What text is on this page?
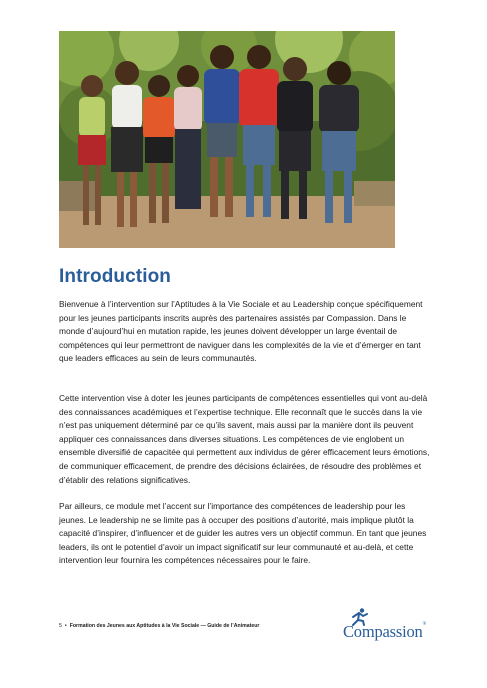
Introduction

Bienvenue à l’intervention sur l’Aptitudes à la Vie Sociale et au Leadership conçue spécifiquement pour les jeunes participants inscrits auprès des partenaires assistés par Compassion. Dans le monde d’aujourd’hui en mutation rapide, les jeunes doivent développer un large éventail de compétences qui leur permettront de naviguer dans les complexités de la vie et d’émerger en tant que leaders efficaces au sein de leurs communautés.

Cette intervention vise à doter les jeunes participants de compétences essentielles qui vont au-delà des connaissances académiques et l’expertise technique. Elle reconnaît que le succès dans la vie n’est pas uniquement déterminé par ce qu’ils savent, mais aussi par la manière dont ils peuvent appliquer ces connaissances dans diverses situations. Les compétences de vie englobent un ensemble diversifié de capacitée qui permettent aux individus de gérer efficacement leurs émotions, de communiquer efficacement, de prendre des décisions éclairées, de résoudre des problèmes et d’établir des relations significatives.

Par ailleurs, ce module met l’accent sur l’importance des compétences de leadership pour les jeunes. Le leadership ne se limite pas à occuper des positions d’autorité, mais implique plutôt la capacité d’inspirer, d’influencer et de guider les autres vers un objectif commun. En tant que jeunes leaders, ils ont le potentiel d’avoir un impact significatif sur leur communauté et au-delà, et cette intervention leur fournira les compétences nécessaires pour le faire.

5 • Formation des Jeunes aux Aptitudes à la Vie Sociale — Guide de l’Animateur	Compassion®
